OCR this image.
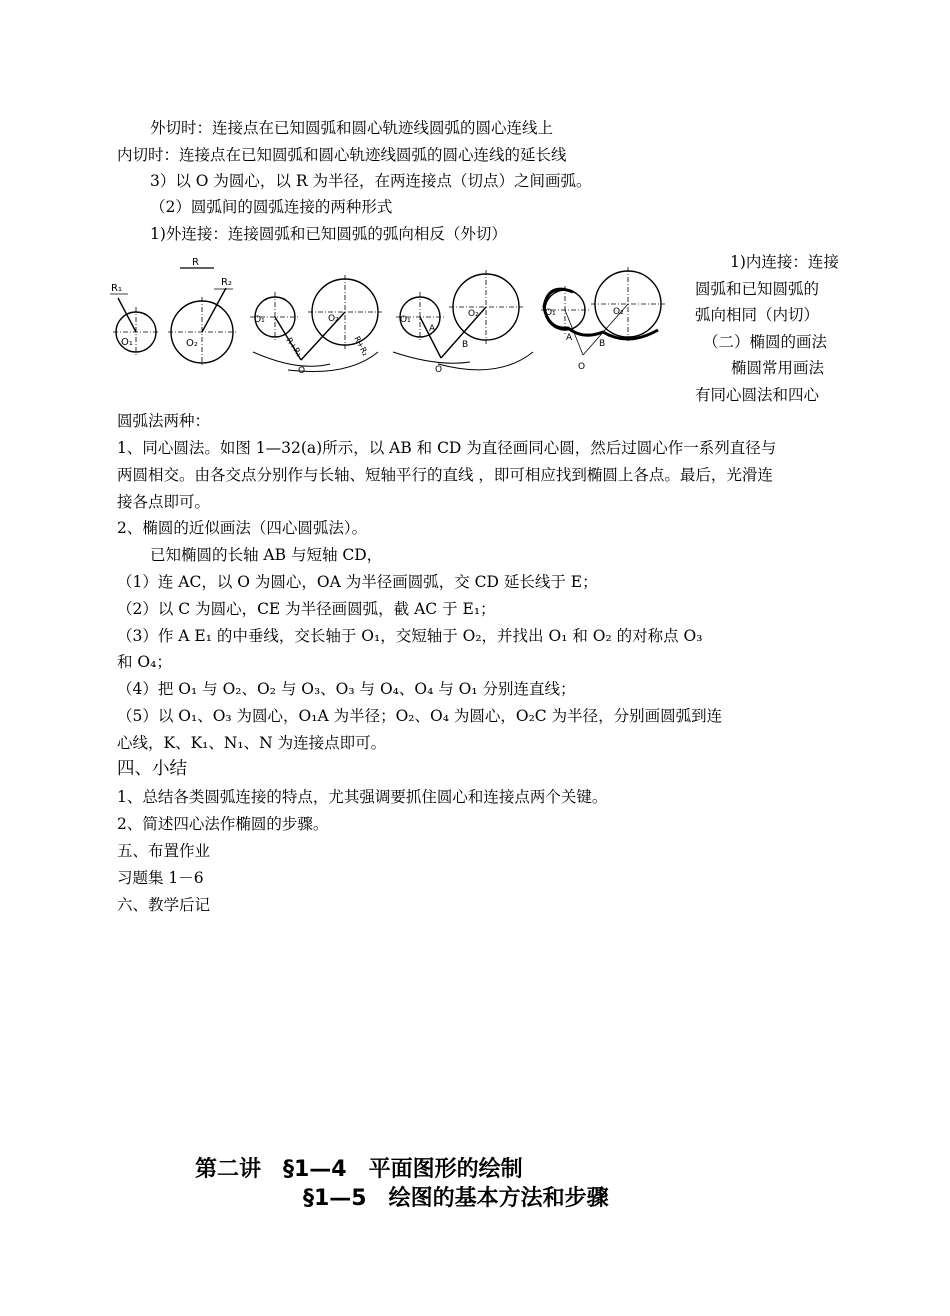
外切时：连接点在已知圆弧和圆心轨迹线圆弧的圆心连线上
内切时：连接点在已知圆弧和圆心轨迹线圆弧的圆心连线的延长线
3）以 O 为圆心，以 R 为半径，在两连接点（切点）之间画弧。
（2）圆弧间的圆弧连接的两种形式
1)外连接：连接圆弧和已知圆弧的弧向相反（外切）
1)内连接：连接
圆弧和已知圆弧的
弧向相同（内切）
（二）椭圆的画法
椭圆常用画法
有同心圆法和四心
R₁
O₁
R
R₂
O₂
O₁	O₂
O
R+R₁	R+R₂
O₁
O₂
A
B
O
O₁	O₂
A
B
O
圆弧法两种：
1、同心圆法。如图 1—32(a)所示，以 AB 和 CD 为直径画同心圆，然后过圆心作一系列直径与
两圆相交。由各交点分别作与长轴、短轴平行的直线 ，即可相应找到椭圆上各点。最后，光滑连
接各点即可。
2、椭圆的近似画法（四心圆弧法）。
已知椭圆的长轴 AB 与短轴 CD，
（1）连 AC，以 O 为圆心，OA 为半径画圆弧，交 CD 延长线于 E；
（2）以 C 为圆心，CE 为半径画圆弧，截 AC 于 E₁；
（3）作 A E₁ 的中垂线，交长轴于 O₁，交短轴于 O₂，并找出 O₁ 和 O₂ 的对称点 O₃
和 O₄；
（4）把 O₁ 与 O₂、O₂ 与 O₃、O₃ 与 O₄、O₄ 与 O₁ 分别连直线；
（5）以 O₁、O₃ 为圆心，O₁A 为半径；O₂、O₄ 为圆心，O₂C 为半径，分别画圆弧到连
心线，K、K₁、N₁、N 为连接点即可。
四、小结
1、总结各类圆弧连接的特点，尤其强调要抓住圆心和连接点两个关键。
2、简述四心法作椭圆的步骤。
五、布置作业
习题集 1－6
六、教学后记
第二讲　§1—4　平面图形的绘制
§1—5　绘图的基本方法和步骤
